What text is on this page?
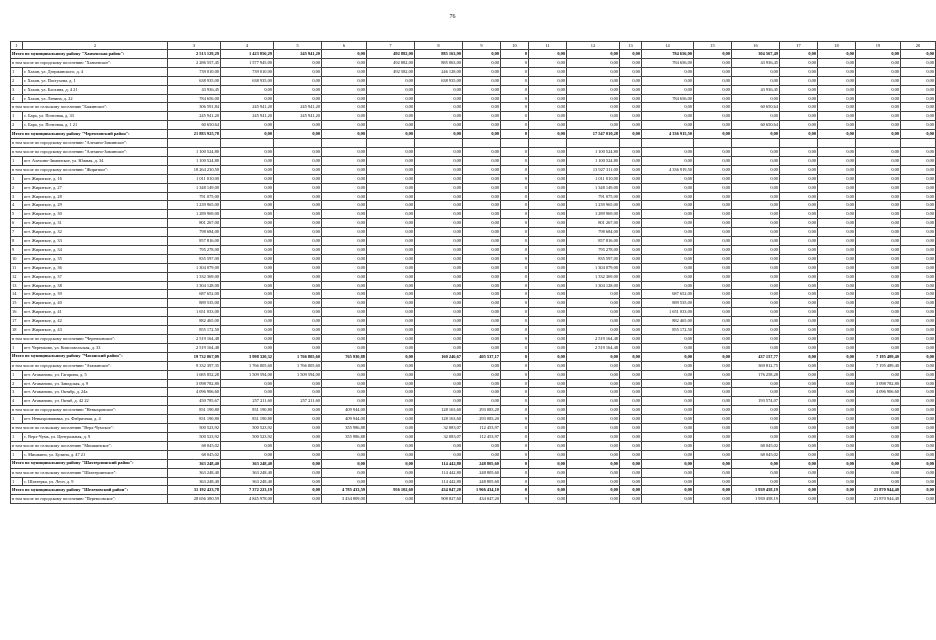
76
1	2	3	4	5	6	7	8	9	10	11	12	13	14	15	16	17	18	19	20
Итого по муниципальному району "Ханхенская район":		2 513 129,29	1 423 856,29	245 941,20	0,00	492 882,00	885 163,90	0,00	0	0,00	0,00	0,00	784 656,00	0,00	304 567,49	0,00	0,00	0,00	0,00
в том числе по городскому поселению "Ханхенское":		2 286 557,45	1 577 945,00	0,00	0,00	492 882,00	885 063,00	0,00	0	0,00	0,00	0,00	784 656,00	0,00	43 936,45	0,00	0,00	0,00	0,00
1	г. Хахан, ул. Дзержинского, д. 4	739 010,00	739 010,00	0,00	0,00	492 582,00	246 128,00	0,00	0	0,00	0,00	0,00	0,00	0,00	0,00	0,00	0,00	0,00	0,00
2	г. Хахан, ул. Пастухова, д. 1	638 935,00	638 935,00	0,00	0,00	0,00	638 935,00	0,00	0	0,00	0,00	0,00	0,00	0,00	0,00	0,00	0,00	0,00	0,00
3	г. Хахан, ул. Блохина, д. 4 21	43 936,45	0,00	0,00	0,00	0,00	0,00	0,00	0	0,00	0,00	0,00	0,00	0,00	43 936,45	0,00	0,00	0,00	0,00
4	г. Хахан, ул. Ленина, д. 22	784 656,00	0,00	0,00	0,00	0,00	0,00	0,00	0	0,00	0,00	0,00	784 656,00	0,00	0,00	0,00	0,00	0,00	0,00
в том числе по сельскому поселению "Бажинское":		306 591,84	245 941,20	245 941,20	0,00	0,00	0,00	0,00	0	0,00	0,00	0,00	0,00	0,00	60 650,64	0,00	0,00	0,00	0,00
1	с. Бара, ул. Почтовая, д. 33	245 941,20	245 941,20	245 941,20	0,00	0,00	0,00	0,00	0	0,00	0,00	0,00	0,00	0,00	0,00	0,00	0,00	0,00	0,00
2	с. Бара, ул. Почтовая, д. 1 21	60 650,64	0,00	0,00	0,00	0,00	0,00	0,00	0	0,00	0,00	0,00	0,00	0,00	60 650,64	0,00	0,00	0,00	0,00
Итого по муниципальному району "Черемховский район":		21 883 925,78	0,00	0,00	0,00	0,00	0,00	0,00	0	0,00	17 547 010,28	0,00	4 336 915,50	0,00	0,00	0,00	0,00	0,00	0,00
в том числе по городскому поселению "Алехино-Зиминское":																			
в том числе по городскому поселению "Алехино-Зиминское":		1 100 524,80	0,00	0,00	0,00	0,00	0,00	0,00	0	0,00	1 100 524,80	0,00	0,00	0,00	0,00	0,00	0,00	0,00	0,00
1	пгт. Алехино-Зиминское, ул. Южная, д. 34	1 100 524,80	0,00	0,00	0,00	0,00	0,00	0,00	0	0,00	1 100 524,80	0,00	0,00	0,00	0,00	0,00	0,00	0,00	0,00
в том числе по городскому поселению "Жириткое":		18 264 230,50	0,00	0,00	0,00	0,00	0,00	0,00	0	0,00	13 927 311,00	0,00	4 336 919,50	0,00	0,00	0,00	0,00	0,00	0,00
1	пгт. Жириткое, д. 16	1 011 010,00	0,00	0,00	0,00	0,00	0,00	0,00	0	0,00	1 011 010,00	0,00	0,00	0,00	0,00	0,00	0,00	0,00	0,00
2	пгт. Жириткое, д. 27	1 348 149,00	0,00	0,00	0,00	0,00	0,00	0,00	0	0,00	1 348 149,00	0,00	0,00	0,00	0,00	0,00	0,00	0,00	0,00
3	пгт. Жириткое, д. 28	791 075,00	0,00	0,00	0,00	0,00	0,00	0,00	0	0,00	791 075,00	0,00	0,00	0,00	0,00	0,00	0,00	0,00	0,00
4	пгт. Жириткое, д. 29	1 239 965,00	0,00	0,00	0,00	0,00	0,00	0,00	0	0,00	1 239 965,00	0,00	0,00	0,00	0,00	0,00	0,00	0,00	0,00
5	пгт. Жириткое, д. 30	1 289 969,00	0,00	0,00	0,00	0,00	0,00	0,00	0	0,00	1 289 969,00	0,00	0,00	0,00	0,00	0,00	0,00	0,00	0,00
6	пгт. Жириткое, д. 31	801 267,00	0,00	0,00	0,00	0,00	0,00	0,00	0	0,00	801 267,00	0,00	0,00	0,00	0,00	0,00	0,00	0,00	0,00
7	пгт. Жириткое, д. 32	798 684,00	0,00	0,00	0,00	0,00	0,00	0,00	0	0,00	798 684,00	0,00	0,00	0,00	0,00	0,00	0,00	0,00	0,00
8	пгт. Жириткое, д. 33	857 816,00	0,00	0,00	0,00	0,00	0,00	0,00	0	0,00	857 816,00	0,00	0,00	0,00	0,00	0,00	0,00	0,00	0,00
9	пгт. Жириткое, д. 34	795 278,00	0,00	0,00	0,00	0,00	0,00	0,00	0	0,00	795 278,00	0,00	0,00	0,00	0,00	0,00	0,00	0,00	0,00
10	пгт. Жириткое, д. 35	835 597,00	0,00	0,00	0,00	0,00	0,00	0,00	0	0,00	835 597,00	0,00	0,00	0,00	0,00	0,00	0,00	0,00	0,00
11	пгт. Жириткое, д. 36	1 304 079,00	0,00	0,00	0,00	0,00	0,00	0,00	0	0,00	1 304 079,00	0,00	0,00	0,00	0,00	0,00	0,00	0,00	0,00
12	пгт. Жириткое, д. 37	1 332 369,00	0,00	0,00	0,00	0,00	0,00	0,00	0	0,00	1 332 369,00	0,00	0,00	0,00	0,00	0,00	0,00	0,00	0,00
13	пгт. Жириткое, д. 38	1 304 128,00	0,00	0,00	0,00	0,00	0,00	0,00	0	0,00	1 304 128,00	0,00	0,00	0,00	0,00	0,00	0,00	0,00	0,00
14	пгт. Жириткое, д. 39	687 652,00	0,00	0,00	0,00	0,00	0,00	0,00	0	0,00	0,00	0,00	687 652,00	0,00	0,00	0,00	0,00	0,00	0,00
15	пгт. Жириткое, д. 40	889 535,00	0,00	0,00	0,00	0,00	0,00	0,00	0	0,00	0,00	0,00	889 535,00	0,00	0,00	0,00	0,00	0,00	0,00
16	пгт. Жириткое, д. 41	1 651 033,00	0,00	0,00	0,00	0,00	0,00	0,00	0	0,00	0,00	0,00	1 651 033,00	0,00	0,00	0,00	0,00	0,00	0,00
17	пгт. Жириткое, д. 42	882 465,00	0,00	0,00	0,00	0,00	0,00	0,00	0	0,00	0,00	0,00	882 465,00	0,00	0,00	0,00	0,00	0,00	0,00
18	пгт. Жириткое, д. 43	855 172,50	0,00	0,00	0,00	0,00	0,00	0,00	0	0,00	0,00	0,00	855 172,50	0,00	0,00	0,00	0,00	0,00	0,00
в том числе по городскому поселению "Черемховское":		2 519 164,48	0,00	0,00	0,00	0,00	0,00	0,00	0	0,00	2 519 164,48	0,00	0,00	0,00	0,00	0,00	0,00	0,00	0,00
1	пгт. Черемхово, ул. Комсомольская, д. 33	2 519 164,48	0,00	0,00	0,00	0,00	0,00	0,00	0	0,00	2 519 164,48	0,00	0,00	0,00	0,00	0,00	0,00	0,00	0,00
Итого по муниципальному району "Чаганский район":		19 732 067,09	3 998 320,32	1 766 805,60	765 930,88	0,00	160 246,67	405 537,17	0	0,00	0,00	0,00	0,00	0,00	437 157,77	0,00	0,00	7 195 489,40	0,00
в том числе по городскому поселению "Атаманское":		9 332 397,35	1 766 805,60	1 766 805,60	0,00	0,00	0,00	0,00	0	0,00	0,00	0,00	0,00	0,00	369 812,75	0,00	0,00	7 195 489,40	0,00
1	пгт. Атаманово, ул. Гагарина, д. 5	1 685 852,28	1 509 594,00	1 509 594,00	0,00	0,00	0,00	0,00	0	0,00	0,00	0,00	0,00	0,00	176 258,28	0,00	0,00	0,00	0,00
2	пгт. Атаманово, ул. Заводская, д. 9	3 098 782,80	0,00	0,00	0,00	0,00	0,00	0,00	0	0,00	0,00	0,00	0,00	0,00	0,00	0,00	0,00	3 098 782,80	0,00
3	пгт. Атаманово, ул. Октябр, д. 24a	4 096 906,60	0,00	0,00	0,00	0,00	0,00	0,00	0	0,00	0,00	0,00	0,00	0,00	0,00	0,00	0,00	4 096 906,60	0,00
4	пгт. Атаманово, ул. Октяб, д. 42 22	450 785,67	257 211,60	257 211,60	0,00	0,00	0,00	0,00	0	0,00	0,00	0,00	0,00	0,00	193 574,07	0,00	0,00	0,00	0,00
в том числе по городскому поселению "Невыхровское":		831 190,80	831 190,80	0,00	409 944,00	0,00	128 163,60	293 083,20	0	0,00	0,00	0,00	0,00	0,00	0,00	0,00	0,00	0,00	0,00
1	пгт. Невыхровшивка, ул. Фабричная, д. 4	831 190,80	831 190,80	0,00	409 944,00	0,00	128 163,60	293 083,20	0	0,00	0,00	0,00	0,00	0,00	0,00	0,00	0,00	0,00	0,00
в том числе по сельскому поселению "Верх-Чумское":		500 523,92	500 523,92	0,00	355 986,88	0,00	32 083,07	112 453,97	0	0,00	0,00	0,00	0,00	0,00	0,00	0,00	0,00	0,00	0,00
1	с. Верх-Чумь, ул. Центральная, д. 9	500 523,92	500 523,92	0,00	355 986,88	0,00	32 083,07	112 453,97	0	0,00	0,00	0,00	0,00	0,00	0,00	0,00	0,00	0,00	0,00
в том числе по сельскому поселению "Мишкинское":		68 045,02	0,00	0,00	0,00	0,00	0,00	0,00	0	0,00	0,00	0,00	0,00	0,00	68 045,02	0,00	0,00	0,00	0,00
1	с. Мишкино, ул. Булина, д. 47 21	68 045,02	0,00	0,00	0,00	0,00	0,00	0,00	0	0,00	0,00	0,00	0,00	0,00	68 045,02	0,00	0,00	0,00	0,00
Итого по муниципальному району "Шахтерлинский район":		363 248,40	363 248,40	0,00	0,00	0,00	114 442,80	248 805,60	0	0,00	0,00	0,00	0,00	0,00	0,00	0,00	0,00	0,00	0,00
в том числе по сельскому поселению "Шахтерлинское":		363 248,40	363 248,40	0,00	0,00	0,00	114 442,80	248 805,60	0	0,00	0,00	0,00	0,00	0,00	0,00	0,00	0,00	0,00	0,00
1	с. Шахтерка, ул. Лесн, д. 9	363 248,40	363 248,40	0,00	0,00	0,00	114 442,80	248 805,60	0	0,00	0,00	0,00	0,00	0,00	0,00	0,00	0,00	0,00	0,00
Итого по муниципальному району "Шелеховский район":		31 192 423,78	7 372 223,19	0,00	4 785 433,59	956 102,60	434 047,20	1 966 434,10	0	0,00	0,00	0,00	0,00	0,00	1 939 458,19	0,00	0,00	21 870 944,40	0,00
в том числе по городскому поселению "Перемсовское":		28 656 380,59	4 845 978,00	0,00	3 434 809,00	0,00	908 827,60	434 047,20	0	0,00	0,00	0,00	0,00	0,00	1 939 458,19	0,00	0,00	21 870 944,40	0,00
